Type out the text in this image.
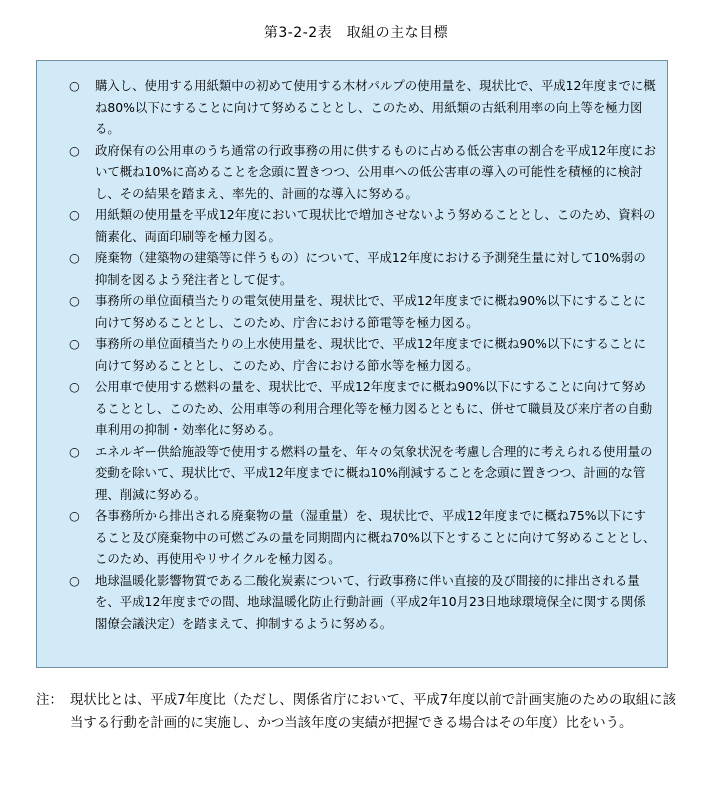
第3-2-2表　取組の主な目標

○	購入し、使用する用紙類中の初めて使用する木材パルプの使用量を、現状比で、平成12年度までに概ね80%以下にすることに向けて努めることとし、このため、用紙類の古紙利用率の向上等を極力図る。

○	政府保有の公用車のうち通常の行政事務の用に供するものに占める低公害車の割合を平成12年度において概ね10%に高めることを念頭に置きつつ、公用車への低公害車の導入の可能性を積極的に検討し、その結果を踏まえ、率先的、計画的な導入に努める。

○	用紙類の使用量を平成12年度において現状比で増加させないよう努めることとし、このため、資料の簡素化、両面印刷等を極力図る。

○	廃棄物（建築物の建築等に伴うもの）について、平成12年度における予測発生量に対して10%弱の抑制を図るよう発注者として促す。

○	事務所の単位面積当たりの電気使用量を、現状比で、平成12年度までに概ね90%以下にすることに向けて努めることとし、このため、庁舎における節電等を極力図る。

○	事務所の単位面積当たりの上水使用量を、現状比で、平成12年度までに概ね90%以下にすることに向けて努めることとし、このため、庁舎における節水等を極力図る。

○	公用車で使用する燃料の量を、現状比で、平成12年度までに概ね90%以下にすることに向けて努めることとし、このため、公用車等の利用合理化等を極力図るとともに、併せて職員及び来庁者の自動車利用の抑制・効率化に努める。

○	エネルギー供給施設等で使用する燃料の量を、年々の気象状況を考慮し合理的に考えられる使用量の変動を除いて、現状比で、平成12年度までに概ね10%削減することを念頭に置きつつ、計画的な管理、削減に努める。

○	各事務所から排出される廃棄物の量（湿重量）を、現状比で、平成12年度までに概ね75%以下にすること及び廃棄物中の可燃ごみの量を同期間内に概ね70%以下とすることに向けて努めることとし、このため、再使用やリサイクルを極力図る。

○	地球温暖化影響物質である二酸化炭素について、行政事務に伴い直接的及び間接的に排出される量を、平成12年度までの間、地球温暖化防止行動計画（平成2年10月23日地球環境保全に関する関係閣僚会議決定）を踏まえて、抑制するように努める。

注： 現状比とは、平成7年度比（ただし、関係省庁において、平成7年度以前で計画実施のための取組に該当する行動を計画的に実施し、かつ当該年度の実績が把握できる場合はその年度）比をいう。
